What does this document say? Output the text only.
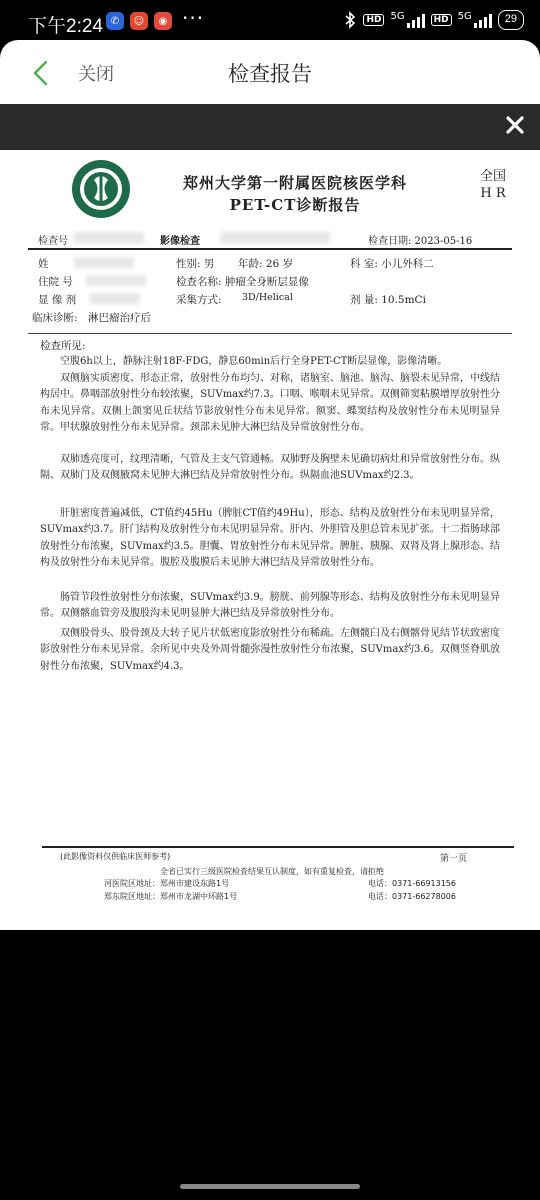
下午2:24 ✆	☺	◉ ···	HD 5G	HD 5G	29
关闭	检查报告
郑州大学第一附属医院核医学科
PET-CT诊断报告
全国
H R
检查号	影像检查	检查日期: 2023-05-16
姓	性别: 男 年龄: 26 岁	科 室: 小儿外科二
住院 号	检查名称: 肿瘤全身断层显像
显 像 剂	采集方式: 3D/Helical	剂 量: 10.5mCi
临床诊断: 淋巴瘤治疗后
检查所见:

空腹6h以上，静脉注射18F-FDG，静息60min后行全身PET-CT断层显像，影像清晰。

双侧脑实质密度、形态正常，放射性分布均匀、对称，诸脑室、脑池、脑沟、脑裂未见异常，中线结构居中。鼻咽部放射性分布较浓聚，SUVmax约7.3。口咽、喉咽未见异常。双侧筛窦粘膜增厚放射性分布未见异常。双侧上颌窦见丘状结节影放射性分布未见异常。额窦、蝶窦结构及放射性分布未见明显异常。甲状腺放射性分布未见异常。颈部未见肿大淋巴结及异常放射性分布。

双肺透亮度可，纹理清晰，气管及主支气管通畅。双肺野及胸壁未见确切病灶和异常放射性分布。纵隔、双肺门及双侧腋窝未见肿大淋巴结及异常放射性分布。纵隔血池SUVmax约2.3。

肝脏密度普遍减低，CT值约45Hu（脾脏CT值约49Hu），形态、结构及放射性分布未见明显异常，SUVmax约3.7。肝门结构及放射性分布未见明显异常。肝内、外胆管及胆总管未见扩张。十二指肠球部放射性分布浓聚，SUVmax约3.5。胆囊、胃放射性分布未见异常。脾脏、胰腺、双肾及肾上腺形态、结构及放射性分布未见异常。腹腔及腹膜后未见肿大淋巴结及异常放射性分布。

肠管节段性放射性分布浓聚，SUVmax约3.9。膀胱、前列腺等形态、结构及放射性分布未见明显异常。双侧髂血管旁及腹股沟未见明显肿大淋巴结及异常放射性分布。

双侧股骨头、股骨颈及大转子见片状低密度影放射性分布稀疏。左侧髋臼及右侧髂骨见结节状致密度影放射性分布未见异常。余所见中央及外周骨髓弥漫性放射性分布浓聚，SUVmax约3.6。双侧竖脊肌放射性分布浓聚，SUVmax约4.3。

(此影像资料仅供临床医师参考)	第一页
全省已实行三级医院检查结果互认制度，如有重复检查，请拒绝
河医院区地址：郑州市建设东路1号	电话：0371-66913156
郑东院区地址：郑州市龙湖中环路1号	电话：0371-66278006
